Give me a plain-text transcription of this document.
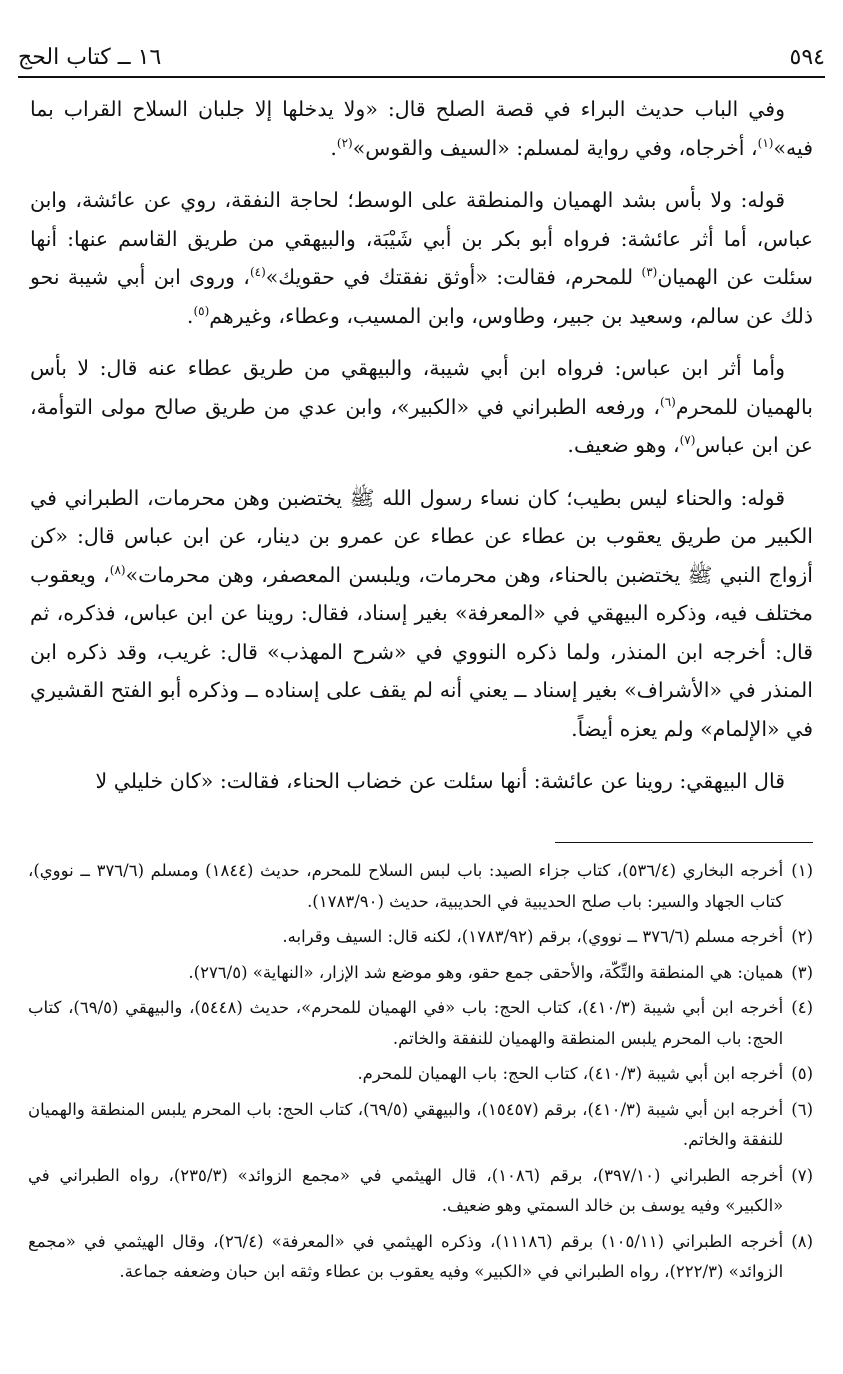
٥٩٤
١٦ ــ كتاب الحج

وفي الباب حديث البراء في قصة الصلح قال: «ولا يدخلها إلا جلبان السلاح القراب بما فيه»$^{(١)}$، أخرجاه، وفي رواية لمسلم: «السيف والقوس»$^{(٢)}$.

قوله: ولا بأس بشد الهميان والمنطقة على الوسط؛ لحاجة النفقة، روي عن عائشة، وابن عباس، أما أثر عائشة: فرواه أبو بكر بن أبي شَيْبَة، والبيهقي من طريق القاسم عنها: أنها سئلت عن الهميان$^{(٣)}$ للمحرم، فقالت: «أوثق نفقتك في حقويك»$^{(٤)}$، وروى ابن أبي شيبة نحو ذلك عن سالم، وسعيد بن جبير، وطاوس، وابن المسيب، وعطاء، وغيرهم$^{(٥)}$.

وأما أثر ابن عباس: فرواه ابن أبي شيبة، والبيهقي من طريق عطاء عنه قال: لا بأس بالهميان للمحرم$^{(٦)}$، ورفعه الطبراني في «الكبير»، وابن عدي من طريق صالح مولى التوأمة، عن ابن عباس$^{(٧)}$، وهو ضعيف.

قوله: والحناء ليس بطيب؛ كان نساء رسول الله ﷺ يختضبن وهن محرمات، الطبراني في الكبير من طريق يعقوب بن عطاء عن عطاء عن عمرو بن دينار، عن ابن عباس قال: «كن أزواج النبي ﷺ يختضبن بالحناء، وهن محرمات، ويلبسن المعصفر، وهن محرمات»$^{(٨)}$، ويعقوب مختلف فيه، وذكره البيهقي في «المعرفة» بغير إسناد، فقال: روينا عن ابن عباس، فذكره، ثم قال: أخرجه ابن المنذر، ولما ذكره النووي في «شرح المهذب» قال: غريب، وقد ذكره ابن المنذر في «الأشراف» بغير إسناد ــ يعني أنه لم يقف على إسناده ــ وذكره أبو الفتح القشيري في «الإلمام» ولم يعزه أيضاً.

قال البيهقي: روينا عن عائشة: أنها سئلت عن خضاب الحناء، فقالت: «كان خليلي لا

(١)
أخرجه البخاري (٥٣٦/٤)، كتاب جزاء الصيد: باب لبس السلاح للمحرم، حديث (١٨٤٤) ومسلم (٣٧٦/٦ ــ نووي)، كتاب الجهاد والسير: باب صلح الحديبية في الحديبية، حديث (١٧٨٣/٩٠).
(٢)
أخرجه مسلم (٣٧٦/٦ ــ نووي)، برقم (١٧٨٣/٩٢)، لكنه قال: السيف وقرابه.
(٣)
هميان: هي المنطقة والتِّكّة، والأحقى جمع حقو، وهو موضع شد الإزار، «النهاية» (٢٧٦/٥).
(٤)
أخرجه ابن أبي شيبة (٤١٠/٣)، كتاب الحج: باب «في الهميان للمحرم»، حديث (٥٤٤٨)، والبيهقي (٦٩/٥)، كتاب الحج: باب المحرم يلبس المنطقة والهميان للنفقة والخاتم.
(٥)
أخرجه ابن أبي شيبة (٤١٠/٣)، كتاب الحج: باب الهميان للمحرم.
(٦)
أخرجه ابن أبي شيبة (٤١٠/٣)، برقم (١٥٤٥٧)، والبيهقي (٦٩/٥)، كتاب الحج: باب المحرم يلبس المنطقة والهميان للنفقة والخاتم.
(٧)
أخرجه الطبراني (٣٩٧/١٠)، برقم (١٠٨٦)، قال الهيثمي في «مجمع الزوائد» (٢٣٥/٣)، رواه الطبراني في «الكبير» وفيه يوسف بن خالد السمتي وهو ضعيف.
(٨)
أخرجه الطبراني (١٠٥/١١) برقم (١١١٨٦)، وذكره الهيثمي في «المعرفة» (٢٦/٤)، وقال الهيثمي في «مجمع الزوائد» (٢٢٢/٣)، رواه الطبراني في «الكبير» وفيه يعقوب بن عطاء وثقه ابن حبان وضعفه جماعة.
